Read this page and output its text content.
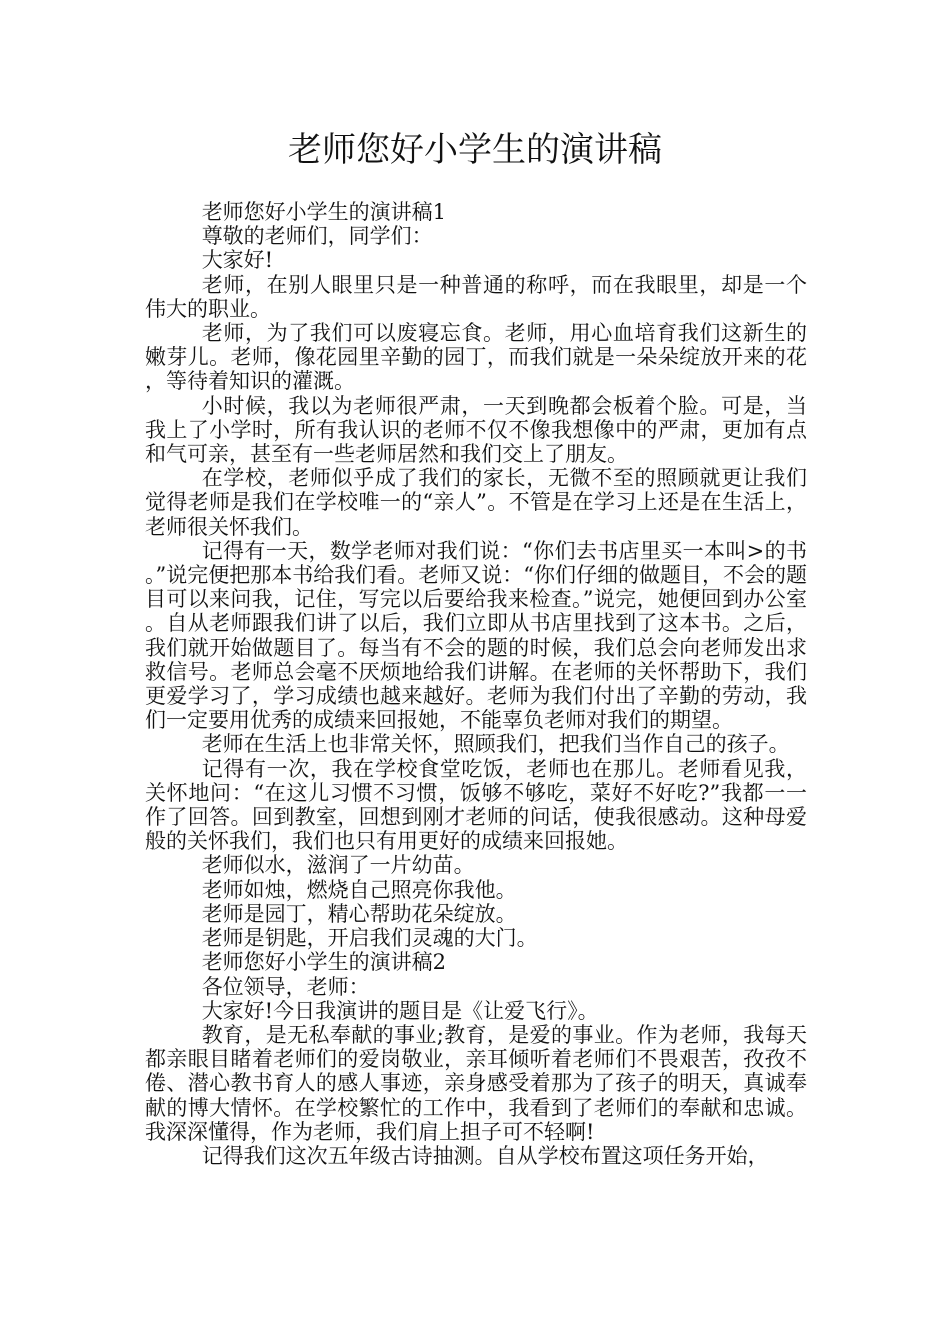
老师您好小学生的演讲稿

老师您好小学生的演讲稿1

尊敬的老师们，同学们：

大家好!

老师，在别人眼里只是一种普通的称呼，而在我眼里，却是一个伟大的职业。

老师，为了我们可以废寝忘食。老师，用心血培育我们这新生的嫩芽儿。老师，像花园里辛勤的园丁，而我们就是一朵朵绽放开来的花，等待着知识的灌溉。

小时候，我以为老师很严肃，一天到晚都会板着个脸。可是，当我上了小学时，所有我认识的老师不仅不像我想像中的严肃，更加有点和气可亲，甚至有一些老师居然和我们交上了朋友。

在学校，老师似乎成了我们的家长，无微不至的照顾就更让我们觉得老师是我们在学校唯一的“亲人”。不管是在学习上还是在生活上，老师很关怀我们。

记得有一天，数学老师对我们说：“你们去书店里买一本叫>的书。”说完便把那本书给我们看。老师又说：“你们仔细的做题目，不会的题目可以来问我，记住，写完以后要给我来检查。”说完，她便回到办公室。自从老师跟我们讲了以后，我们立即从书店里找到了这本书。之后，我们就开始做题目了。每当有不会的题的时候，我们总会向老师发出求救信号。老师总会毫不厌烦地给我们讲解。在老师的关怀帮助下，我们更爱学习了，学习成绩也越来越好。老师为我们付出了辛勤的劳动，我们一定要用优秀的成绩来回报她，不能辜负老师对我们的期望。

老师在生活上也非常关怀，照顾我们，把我们当作自己的孩子。

记得有一次，我在学校食堂吃饭，老师也在那儿。老师看见我，关怀地问：“在这儿习惯不习惯，饭够不够吃，菜好不好吃?”我都一一作了回答。回到教室，回想到刚才老师的问话，使我很感动。这种母爱般的关怀我们，我们也只有用更好的成绩来回报她。

老师似水，滋润了一片幼苗。

老师如烛，燃烧自己照亮你我他。

老师是园丁，精心帮助花朵绽放。

老师是钥匙，开启我们灵魂的大门。

老师您好小学生的演讲稿2

各位领导，老师：

大家好!今日我演讲的题目是《让爱飞行》。

教育，是无私奉献的事业;教育，是爱的事业。作为老师，我每天都亲眼目睹着老师们的爱岗敬业，亲耳倾听着老师们不畏艰苦，孜孜不倦、潜心教书育人的感人事迹，亲身感受着那为了孩子的明天，真诚奉献的博大情怀。在学校繁忙的工作中，我看到了老师们的奉献和忠诚。我深深懂得，作为老师，我们肩上担子可不轻啊!

记得我们这次五年级古诗抽测。自从学校布置这项任务开始，
